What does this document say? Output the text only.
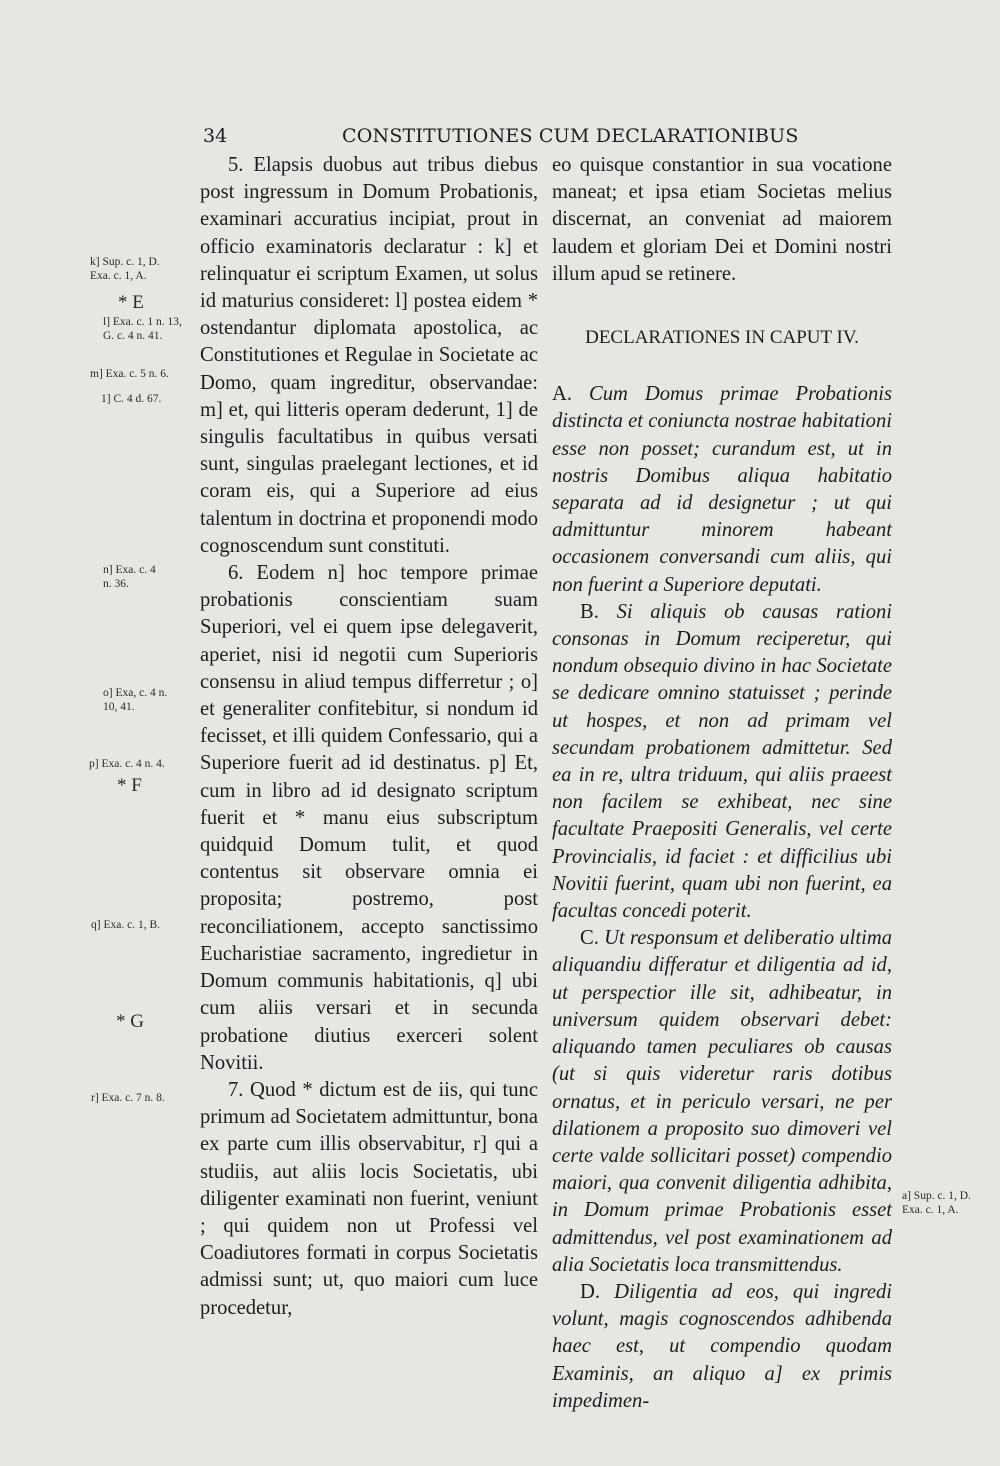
34	CONSTITUTIONES CUM DECLARATIONIBUS

5. Elapsis duobus aut tribus diebus post ingressum in Domum Probationis, examinari accuratius incipiat, prout in officio examinatoris declaratur : k] et relinquatur ei scriptum Examen, ut solus id maturius consideret: l] postea eidem * ostendantur diplomata apostolica, ac Constitutiones et Regulae in Societate ac Domo, quam ingreditur, observandae: m] et, qui litteris operam dederunt, 1] de singulis facultatibus in quibus versati sunt, singulas praelegant lectiones, et id coram eis, qui a Superiore ad eius talentum in doctrina et proponendi modo cognoscendum sunt constituti.

6. Eodem n] hoc tempore primae probationis conscientiam suam Superiori, vel ei quem ipse delegaverit, aperiet, nisi id negotii cum Superioris consensu in aliud tempus differretur ; o] et generaliter confitebitur, si nondum id fecisset, et illi quidem Confessario, qui a Superiore fuerit ad id destinatus. p] Et, cum in libro ad id designato scriptum fuerit et * manu eius subscriptum quidquid Domum tulit, et quod contentus sit observare omnia ei proposita; postremo, post reconciliationem, accepto sanctissimo Eucharistiae sacramento, ingredietur in Domum communis habitationis, q] ubi cum aliis versari et in secunda probatione diutius exerceri solent Novitii.

7. Quod * dictum est de iis, qui tunc primum ad Societatem admittuntur, bona ex parte cum illis observabitur, r] qui a studiis, aut aliis locis Societatis, ubi diligenter examinati non fuerint, veniunt ; qui quidem non ut Professi vel Coadiutores formati in corpus Societatis admissi sunt; ut, quo maiori cum luce procedetur,

eo quisque constantior in sua vocatione maneat; et ipsa etiam Societas melius discernat, an conveniat ad maiorem laudem et gloriam Dei et Domini nostri illum apud se retinere.

DECLARATIONES IN CAPUT IV.

A. Cum Domus primae Probationis distincta et coniuncta nostrae habitationi esse non posset; curandum est, ut in nostris Domibus aliqua habitatio separata ad id designetur ; ut qui admittuntur minorem habeant occasionem conversandi cum aliis, qui non fuerint a Superiore deputati.

B. Si aliquis ob causas rationi consonas in Domum reciperetur, qui nondum obsequio divino in hac Societate se dedicare omnino statuisset ; perinde ut hospes, et non ad primam vel secundam probationem admittetur. Sed ea in re, ultra triduum, qui aliis praeest non facilem se exhibeat, nec sine facultate Praepositi Generalis, vel certe Provincialis, id faciet : et difficilius ubi Novitii fuerint, quam ubi non fuerint, ea facultas concedi poterit.

C. Ut responsum et deliberatio ultima aliquandiu differatur et diligentia ad id, ut perspectior ille sit, adhibeatur, in universum quidem observari debet: aliquando tamen peculiares ob causas (ut si quis videretur raris dotibus ornatus, et in periculo versari, ne per dilationem a proposito suo dimoveri vel certe valde sollicitari posset) compendio maiori, qua convenit diligentia adhibita, in Domum primae Probationis esset admittendus, vel post examinationem ad alia Societatis loca transmittendus.

D. Diligentia ad eos, qui ingredi volunt, magis cognoscendos adhibenda haec est, ut compendio quodam Examinis, an aliquo a] ex primis impedimen-

k] Sup. c. 1, D. Exa. c. 1, A.
* E
l] Exa. c. 1 n. 13, G. c. 4 n. 41.
m] Exa. c. 5 n. 6.
1] C. 4 d. 67.
n] Exa. c. 4 n. 36.
o] Exa, c. 4 n. 10, 41.
p] Exa. c. 4 n. 4.
* F
q] Exa. c. 1, B.
* G
r] Exa. c. 7 n. 8.
a] Sup. c. 1, D. Exa. c. 1, A.
